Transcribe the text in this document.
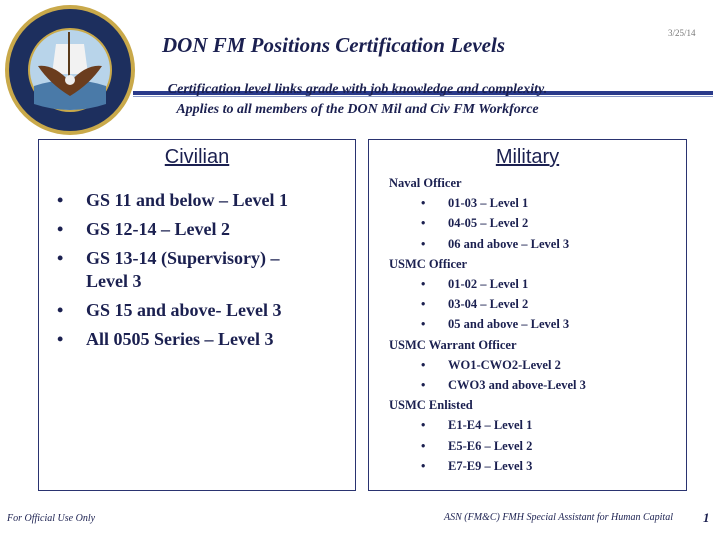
3/25/14
DON FM Positions Certification Levels
Certification level links grade with job knowledge and complexity.
Applies to all members of the DON Mil and Civ FM Workforce
Civilian
• GS 11 and below – Level 1
• GS 12-14 – Level 2
• GS 13-14 (Supervisory) – Level 3
• GS 15 and above- Level 3
• All 0505 Series – Level 3
Military
Naval Officer
• 01-03 – Level 1
• 04-05 – Level 2
• 06 and above – Level 3
USMC Officer
• 01-02 – Level 1
• 03-04 – Level 2
• 05 and above – Level 3
USMC Warrant Officer
• WO1-CWO2-Level 2
• CWO3 and above-Level 3
USMC Enlisted
• E1-E4 – Level 1
• E5-E6 – Level 2
• E7-E9 – Level 3
For Official Use Only	ASN (FM&C) FMH Special Assistant for Human Capital 1
